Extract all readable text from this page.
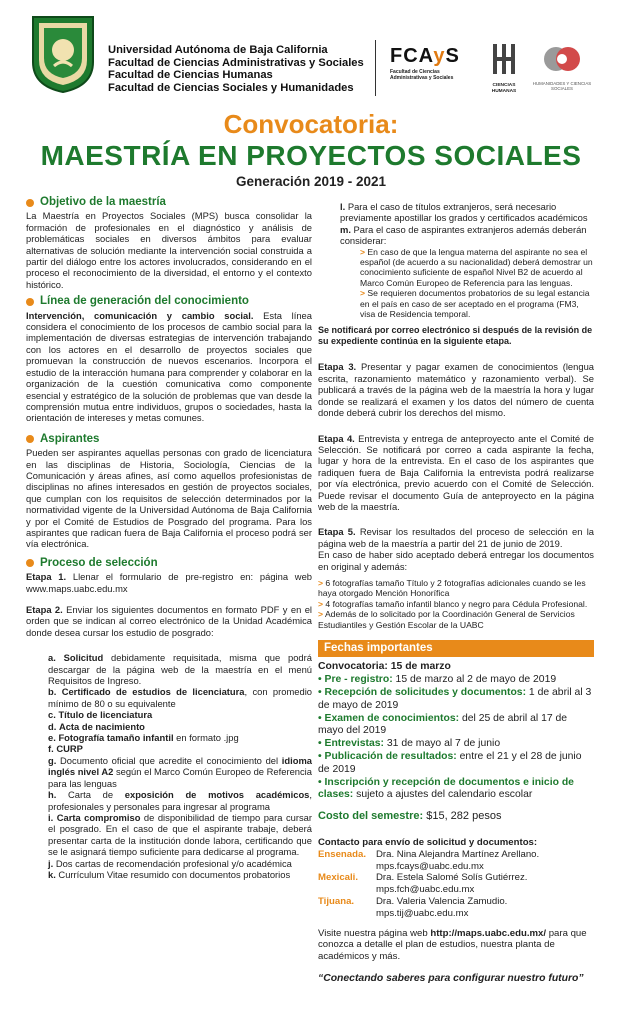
Universidad Autónoma de Baja California
Facultad de Ciencias Administrativas y Sociales
Facultad de Ciencias Humanas
Facultad de Ciencias Sociales y Humanidades
FCAyS
Facultad de Ciencias Administrativas y Sociales
CIENCIAS HUMANAS
HUMANIDADES Y CIENCIAS SOCIALES
Convocatoria:
MAESTRÍA EN PROYECTOS SOCIALES
Generación 2019 - 2021
Objetivo de la maestría

La Maestría en Proyectos Sociales (MPS) busca consolidar la formación de profesionales en el diagnóstico y análisis de problemáticas sociales en diversos ámbitos para evaluar alternativas de solución mediante la intervención social construida a partir del diálogo entre los actores involucrados, considerando en el proceso el reconocimiento de la diversidad, el entorno y el contexto histórico.

Línea de generación del conocimiento

Intervención, comunicación y cambio social. Esta línea considera el conocimiento de los procesos de cambio social para la implementación de diversas estrategias de intervención trabajando con los actores en el desarrollo de proyectos sociales que promuevan la construcción de nuevos escenarios. Incorpora el estudio de la interacción humana para comprender y colaborar en la organización de la cuestión comunicativa como componente esencial y estratégico de la solución de problemas que van desde la comprensión mutua entre individuos, grupos o sociedades, hasta la orientación de intereses y metas comunes.

Aspirantes

Pueden ser aspirantes aquellas personas con grado de licenciatura en las disciplinas de Historia, Sociología, Ciencias de la Comunicación y áreas afines, así como aquellos profesionistas de disciplinas no afines interesados en gestión de proyectos sociales, que cumplan con los requisitos de selección determinados por la normatividad vigente de la Universidad Autónoma de Baja California y por el Comité de Estudios de Posgrado del programa. Para los aspirantes que radican fuera de Baja California el proceso podrá ser vía electrónica.

Proceso de selección

Etapa 1. Llenar el formulario de pre-registro en: página web www.maps.uabc.edu.mx

Etapa 2. Enviar los siguientes documentos en formato PDF y en el orden que se indican al correo electrónico de la Unidad Académica donde desea cursar los estudio de posgrado:

a. Solicitud debidamente requisitada, misma que podrá descargar de la página web de la maestría en el menú Requisitos de Ingreso.

b. Certificado de estudios de licenciatura, con promedio mínimo de 80 o su equivalente

c. Título de licenciatura

d. Acta de nacimiento

e. Fotografía tamaño infantil en formato .jpg

f. CURP

g. Documento oficial que acredite el conocimiento del idioma inglés nivel A2 según el Marco Común Europeo de Referencia para las lenguas

h. Carta de exposición de motivos académicos, profesionales y personales para ingresar al programa

i. Carta compromiso de disponibilidad de tiempo para cursar el posgrado. En el caso de que el aspirante trabaje, deberá presentar carta de la institución donde labora, certificando que se le asignará tiempo suficiente para dedicarse al programa.

j. Dos cartas de recomendación profesional y/o académica

k. Currículum Vitae resumido con documentos probatorios

l. Para el caso de títulos extranjeros, será necesario previamente apostillar los grados y certificados académicos

m. Para el caso de aspirantes extranjeros además deberán considerar:

> En caso de que la lengua materna del aspirante no sea el español (de acuerdo a su nacionalidad) deberá demostrar un conocimiento suficiente de español Nivel B2 de acuerdo al Marco Común Europeo de Referencia para las lenguas.

> Se requieren documentos probatorios de su legal estancia en el país en caso de ser aceptado en el programa (FM3, visa de Residencia temporal.

Se notificará por correo electrónico si después de la revisión de su expediente continúa en la siguiente etapa.

Etapa 3. Presentar y pagar examen de conocimientos (lengua escrita, razonamiento matemático y razonamiento verbal). Se publicará a través de la página web de la maestría la hora y lugar donde se realizará el examen y los datos del número de cuenta donde deberá cubrir los derechos del mismo.

Etapa 4. Entrevista y entrega de anteproyecto ante el Comité de Selección. Se notificará por correo a cada aspirante la fecha, lugar y hora de la entrevista. En el caso de los aspirantes que radiquen fuera de Baja California la entrevista podrá realizarse por vía electrónica, previo acuerdo con el Comité de Selección. Puede revisar el documento Guía de anteproyecto en la página web de la maestría.

Etapa 5. Revisar los resultados del proceso de selección en la página web de la maestría a partir del 21 de junio de 2019.

En caso de haber sido aceptado deberá entregar los documentos en original y además:

> 6 fotografías tamaño Título y 2 fotografías adicionales cuando se les haya otorgado Mención Honorífica

> 4 fotografías tamaño infantil blanco y negro para Cédula Profesional.

> Además de lo solicitado por la Coordinación General de Servicios Estudiantiles y Gestión Escolar de la UABC

Fechas importantes

Convocatoria: 15 de marzo

• Pre - registro: 15 de marzo al 2 de mayo de 2019

• Recepción de solicitudes y documentos: 1 de abril al 3 de mayo de 2019

• Examen de conocimientos: del 25 de abril al 17 de mayo del 2019

• Entrevistas: 31 de mayo al 7 de junio

• Publicación de resultados: entre el 21 y el 28 de junio de 2019

• Inscripción y recepción de documentos e inicio de clases: sujeto a ajustes del calendario escolar

Costo del semestre: $15, 282 pesos

Contacto para envío de solicitud y documentos:

Ensenada.	Dra. Nina Alejandra Martínez Arellano.
mps.fcays@uabc.edu.mx
Mexicali.	Dra. Estela Salomé Solís Gutiérrez.
mps.fch@uabc.edu.mx
Tijuana.	Dra. Valeria Valencia Zamudio.
mps.tij@uabc.edu.mx

Visite nuestra página web http://maps.uabc.edu.mx/ para que conozca a detalle el plan de estudios, nuestra planta de académicos y más.

“Conectando saberes para configurar nuestro futuro”
